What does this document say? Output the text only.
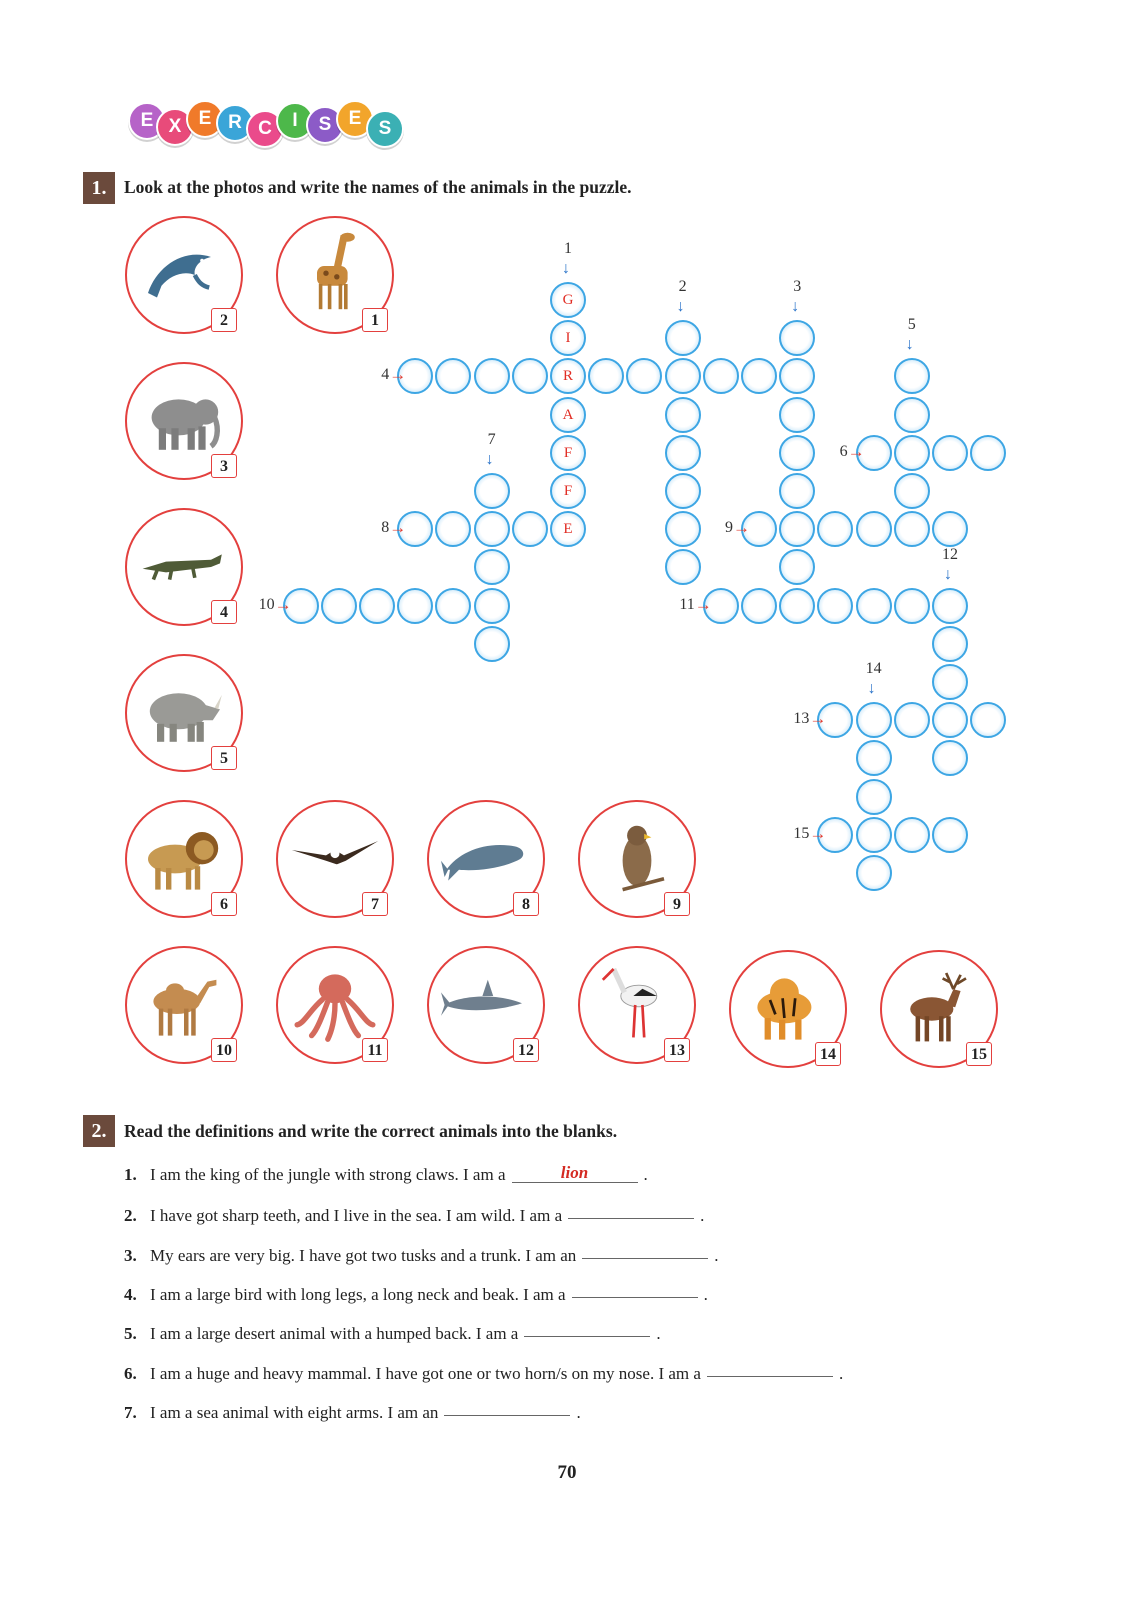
E X E R C	I	S E S
1.	Look at the photos and write the names of the animals in the puzzle.
2	1
3
4
5
6	7	8	9
10	11	12	13	14	15
G
I
R
A
F
F
E
1
↓
2
↓
3
↓
5
↓
7
↓
12
↓
14
↓
4 →
6 →
8 →	9 →
10 →	11 →
13 →
15 →
2.	Read the definitions and write the correct animals into the blanks.
1. I am the king of the jungle with strong claws. I am a	lion	.
2. I have got sharp teeth, and I live in the sea. I am wild. I am a	.
3. My ears are very big. I have got two tusks and a trunk. I am an	.
4. I am a large bird with long legs, a long neck and beak. I am a	.
5. I am a large desert animal with a humped back. I am a	.
6. I am a huge and heavy mammal. I have got one or two horn/s on my nose. I am a	.
7. I am a sea animal with eight arms. I am an	.
70
